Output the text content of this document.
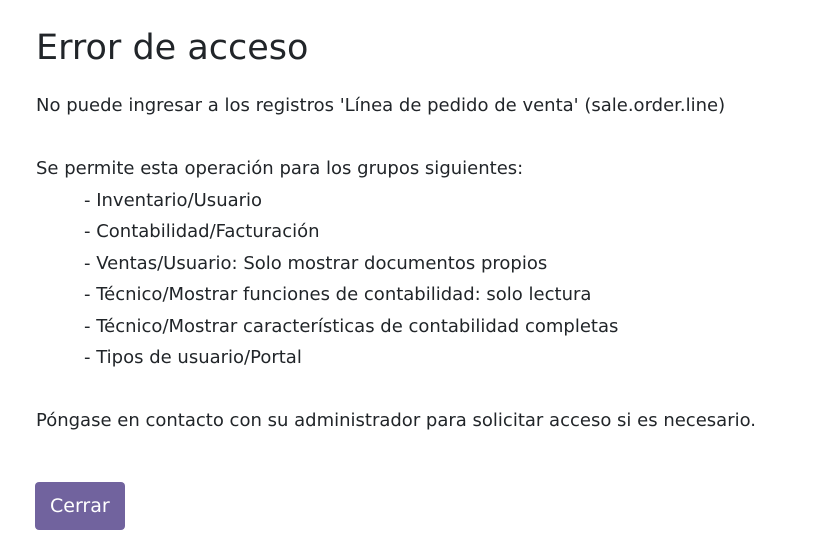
Error de acceso

No puede ingresar a los registros 'Línea de pedido de venta' (sale.order.line)

Se permite esta operación para los grupos siguientes:

- Inventario/Usuario
- Contabilidad/Facturación
- Ventas/Usuario: Solo mostrar documentos propios
- Técnico/Mostrar funciones de contabilidad: solo lectura
- Técnico/Mostrar características de contabilidad completas
- Tipos de usuario/Portal

Póngase en contacto con su administrador para solicitar acceso si es necesario.

Cerrar
